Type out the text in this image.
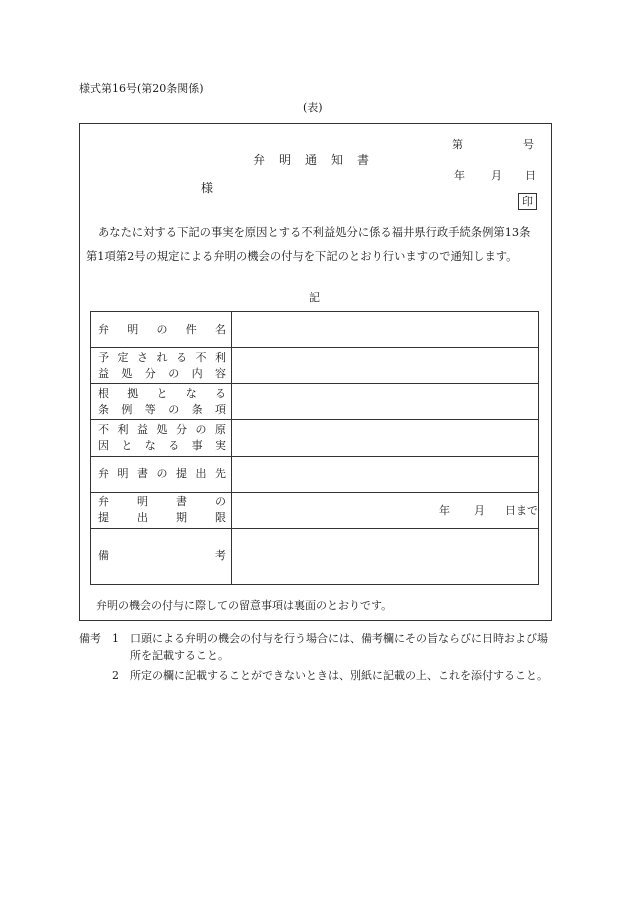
様式第16号(第20条関係)
(表)
弁明通知書
第	号
年 月 日
様
印
あなたに対する下記の事実を原因とする不利益処分に係る福井県行政手続条例第13条
第1項第2号の規定による弁明の機会の付与を下記のとおり行いますので通知します。
記
弁　明　の　件　名	

予定される不利
益処分の内容	

根拠となる
条例等の条項	

不利益処分の原
因となる事実	

弁明書の提出先	

弁明書の
提出期限	年 月 日まで

備考	

弁明の機会の付与に際しての留意事項は裏面のとおりです。
備考	1	口頭による弁明の機会の付与を行う場合には、備考欄にその旨ならびに日時および場所を記載すること。
2	所定の欄に記載することができないときは、別紙に記載の上、これを添付すること。
